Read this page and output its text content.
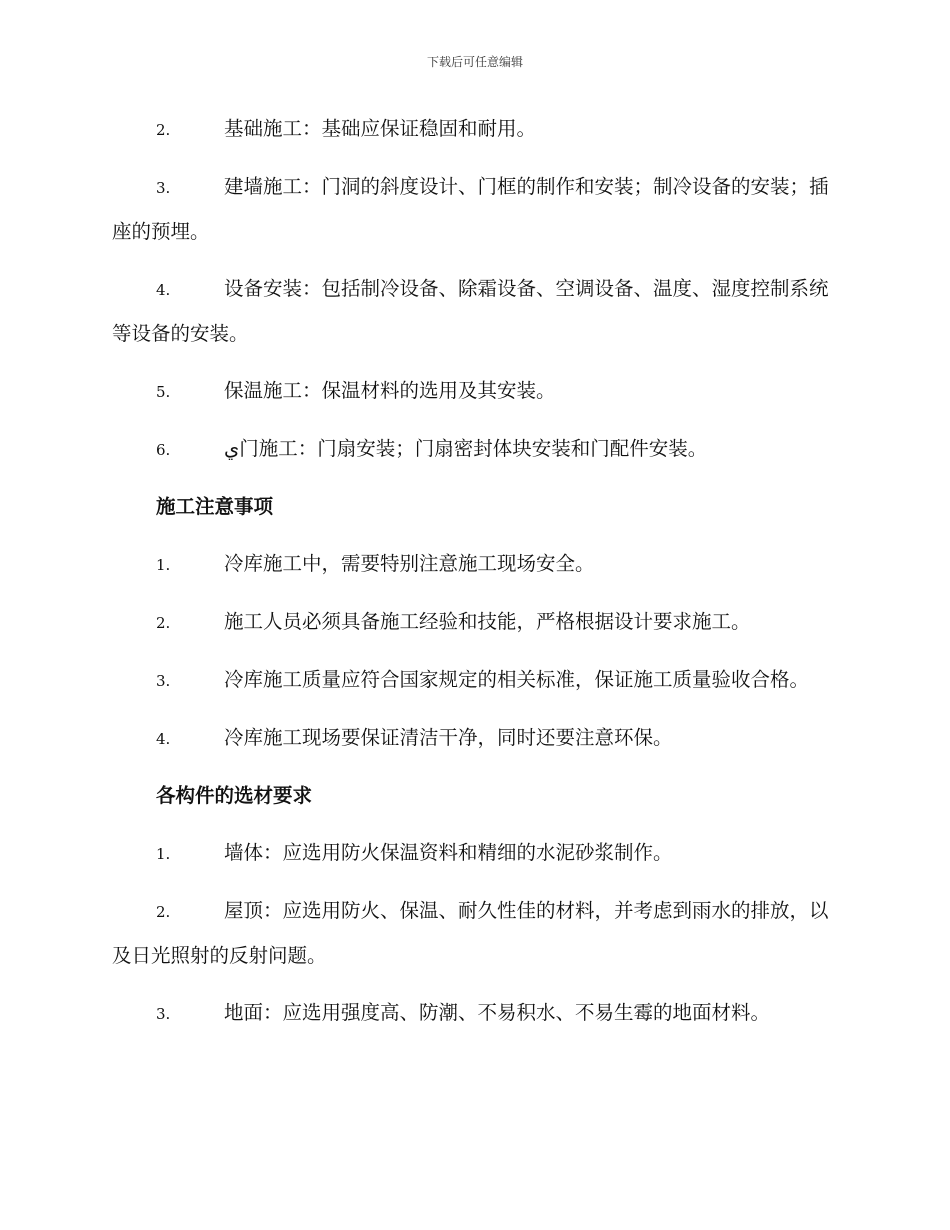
下载后可任意编辑

2.	基础施工：基础应保证稳固和耐用。

3.	建墙施工：门洞的斜度设计、门框的制作和安装；制冷设备的安装；插座的预埋。

4.	设备安装：包括制冷设备、除霜设备、空调设备、温度、湿度控制系统等设备的安装。

5.	保温施工：保温材料的选用及其安装。

6.	ي门施工：门扇安装；门扇密封体块安装和门配件安装。

施工注意事项

1.	冷库施工中，需要特别注意施工现场安全。

2.	施工人员必须具备施工经验和技能，严格根据设计要求施工。

3.	冷库施工质量应符合国家规定的相关标准，保证施工质量验收合格。

4.	冷库施工现场要保证清洁干净，同时还要注意环保。

各构件的选材要求

1.	墙体：应选用防火保温资料和精细的水泥砂浆制作。

2.	屋顶：应选用防火、保温、耐久性佳的材料，并考虑到雨水的排放，以及日光照射的反射问题。

3.	地面：应选用强度高、防潮、不易积水、不易生霉的地面材料。
